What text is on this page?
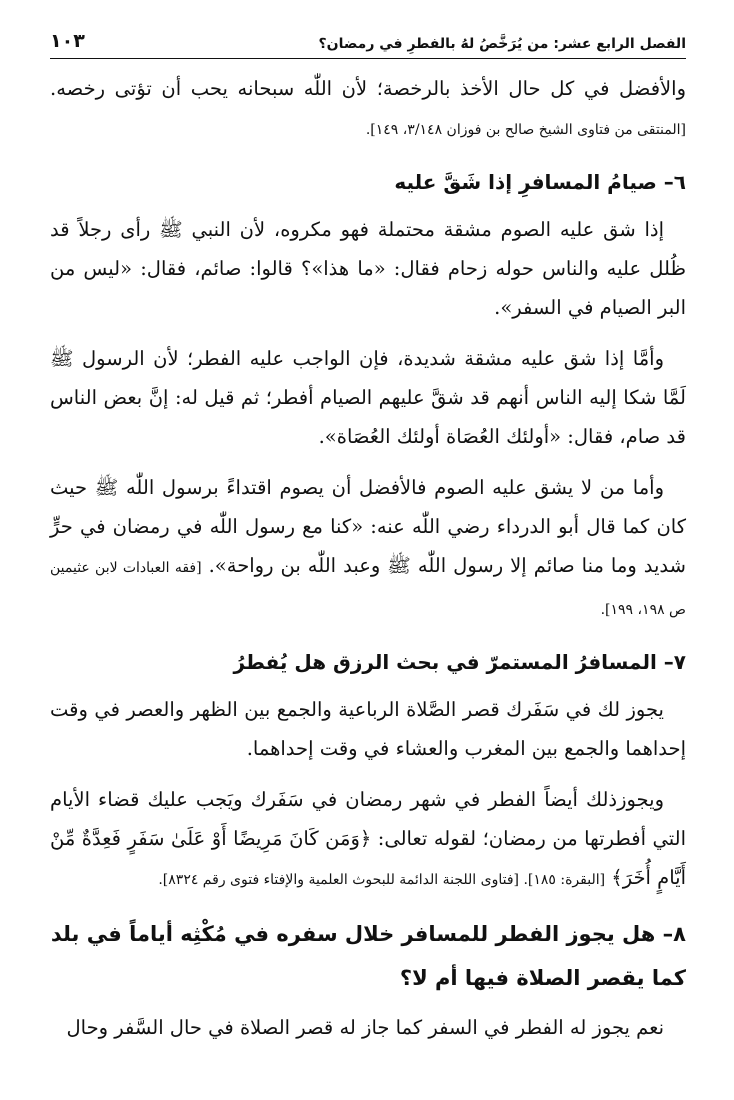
الفصل الرابع عشر: من يُرَخَّصُ لهُ بالفطرِ في رمضان؟
١٠٣

والأفضل في كل حال الأخذ بالرخصة؛ لأن اللّٰه سبحانه يحب أن تؤتى رخصه. [المنتقى من فتاوى الشيخ صالح بن فوزان ٣/١٤٨، ١٤٩].

٦– صيامُ المسافرِ إذا شَقَّ عليه

إذا شق عليه الصوم مشقة محتملة فهو مكروه، لأن النبي ﷺ رأى رجلاً قد ظُلل عليه والناس حوله زحام فقال: «ما هذا»؟ قالوا: صائم، فقال: «ليس من البر الصيام في السفر».

وأمَّا إذا شق عليه مشقة شديدة، فإن الواجب عليه الفطر؛ لأن الرسول ﷺ لَمَّا شكا إليه الناس أنهم قد شقَّ عليهم الصيام أفطر؛ ثم قيل له: إنَّ بعض الناس قد صام، فقال: «أولئك العُصَاة أولئك العُصَاة».

وأما من لا يشق عليه الصوم فالأفضل أن يصوم اقتداءً برسول اللّٰه ﷺ حيث كان كما قال أبو الدرداء رضي اللّٰه عنه: «كنا مع رسول اللّٰه في رمضان في حرٍّ شديد وما منا صائم إلا رسول اللّٰه ﷺ وعبد اللّٰه بن رواحة». [فقه العبادات لابن عثيمين ص ١٩٨، ١٩٩].

٧– المسافرُ المستمرّ في بحث الرزق هل يُفطرُ

يجوز لك في سَفَرك قصر الصَّلاة الرباعية والجمع بين الظهر والعصر في وقت إحداهما والجمع بين المغرب والعشاء في وقت إحداهما.

ويجوزذلك أيضاً الفطر في شهر رمضان في سَفَرك ويَجب عليك قضاء الأيام التي أفطرتها من رمضان؛ لقوله تعالى: ﴿وَمَن كَانَ مَرِيضًا أَوْ عَلَىٰ سَفَرٍ فَعِدَّةٌ مِّنْ أَيَّامٍ أُخَرَ﴾ [البقرة: ١٨٥]. [فتاوى اللجنة الدائمة للبحوث العلمية والإفتاء فتوى رقم ٨٣٢٤].

٨– هل يجوز الفطر للمسافر خلال سفره في مُكْثِه أياماً في بلد كما يقصر الصلاة فيها أم لا؟

نعم يجوز له الفطر في السفر كما جاز له قصر الصلاة في حال السَّفر وحال
